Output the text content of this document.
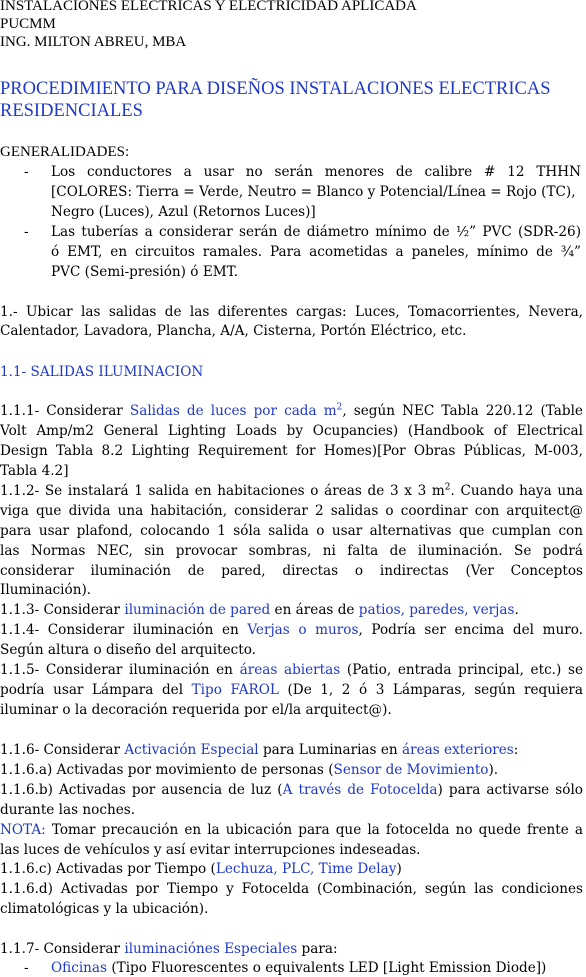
INSTALACIONES ELECTRICAS Y ELECTRICIDAD APLICADA
PUCMM
ING. MILTON ABREU, MBA
PROCEDIMIENTO PARA DISEÑOS INSTALACIONES ELECTRICAS
RESIDENCIALES
GENERALIDADES:
- Los conductores a usar no serán menores de calibre # 12 THHN
[COLORES: Tierra = Verde, Neutro = Blanco y Potencial/Línea = Rojo (TC),
Negro (Luces), Azul (Retornos Luces)]
- Las tuberías a considerar serán de diámetro mínimo de ½” PVC (SDR-26)
ó EMT, en circuitos ramales. Para acometidas a paneles, mínimo de ¾”
PVC (Semi-presión) ó EMT.
1.- Ubicar las salidas de las diferentes cargas: Luces, Tomacorrientes, Nevera,
Calentador, Lavadora, Plancha, A/A, Cisterna, Portón Eléctrico, etc.
1.1- SALIDAS ILUMINACION
1.1.1- Considerar Salidas de luces por cada $m^2$, según NEC Tabla 220.12 (Table
Volt Amp/m2 General Lighting Loads by Ocupancies) (Handbook of Electrical
Design Tabla 8.2 Lighting Requirement for Homes)[Por Obras Públicas, M-003,
Tabla 4.2]
1.1.2- Se instalará 1 salida en habitaciones o áreas de 3 x 3 $m^2$. Cuando haya una
viga que divida una habitación, considerar 2 salidas o coordinar con arquitect@
para usar plafond, colocando 1 sóla salida o usar alternativas que cumplan con
las Normas NEC, sin provocar sombras, ni falta de iluminación. Se podrá
considerar iluminación de pared, directas o indirectas (Ver Conceptos
Iluminación).
1.1.3- Considerar iluminación de pared en áreas de patios, paredes, verjas.
1.1.4- Considerar iluminación en Verjas o muros, Podría ser encima del muro.
Según altura o diseño del arquitecto.
1.1.5- Considerar iluminación en áreas abiertas (Patio, entrada principal, etc.) se
podría usar Lámpara del Tipo FAROL (De 1, 2 ó 3 Lámparas, según requiera
iluminar o la decoración requerida por el/la arquitect@).
1.1.6- Considerar Activación Especial para Luminarias en áreas exteriores:
1.1.6.a) Activadas por movimiento de personas (Sensor de Movimiento).
1.1.6.b) Activadas por ausencia de luz (A través de Fotocelda) para activarse sólo
durante las noches.
NOTA: Tomar precaución en la ubicación para que la fotocelda no quede frente a
las luces de vehículos y así evitar interrupciones indeseadas.
1.1.6.c) Activadas por Tiempo (Lechuza, PLC, Time Delay)
1.1.6.d) Activadas por Tiempo y Fotocelda (Combinación, según las condiciones
climatológicas y la ubicación).
1.1.7- Considerar iluminaciónes Especiales para:
- Oficinas (Tipo Fluorescentes o equivalents LED [Light Emission Diode])
